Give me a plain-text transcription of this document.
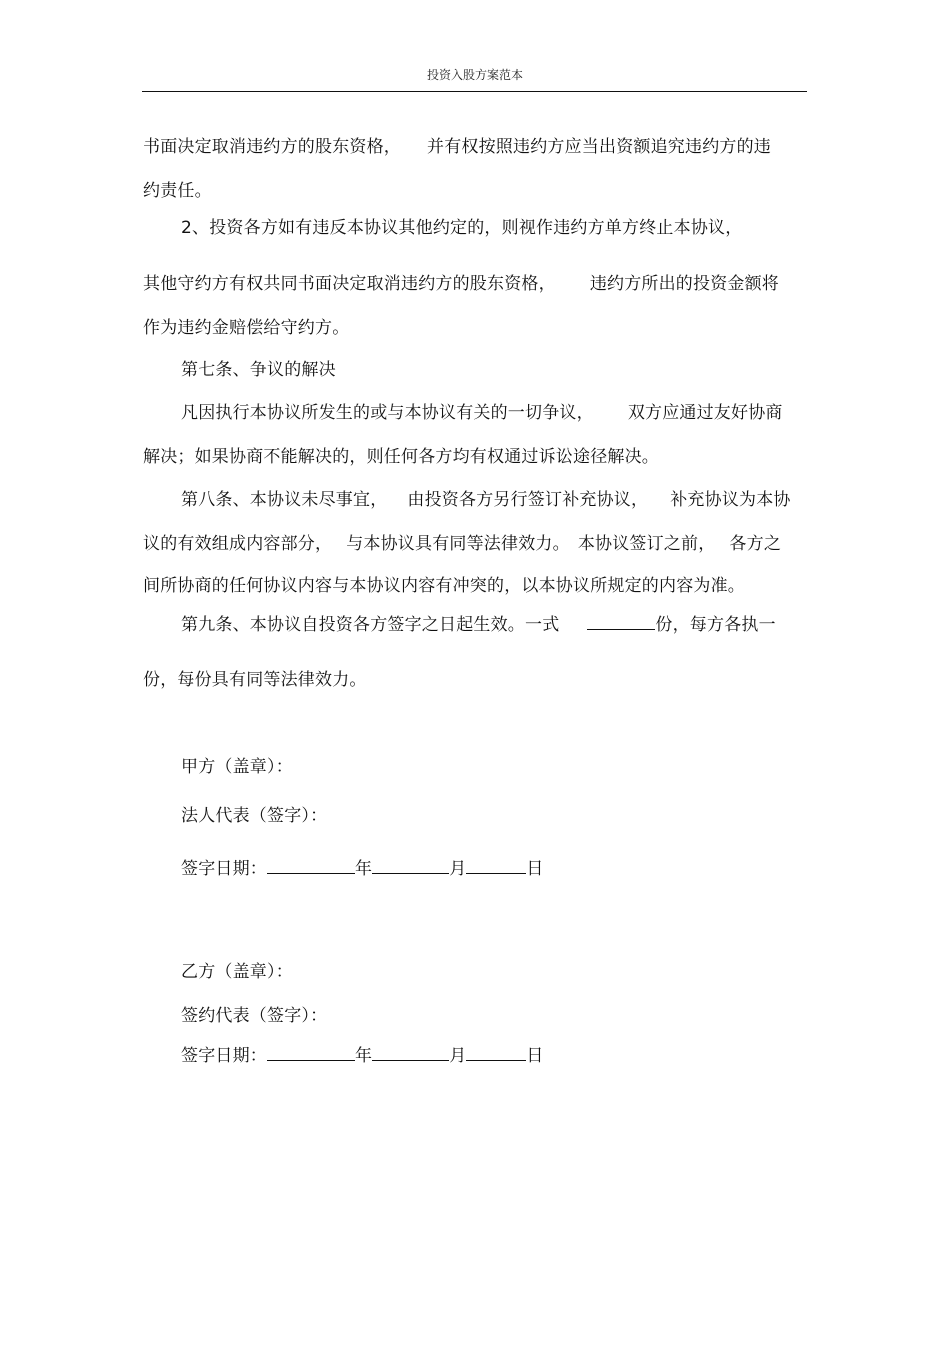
投资入股方案范本
书面决定取消违约方的股东资格， 并有权按照违约方应当出资额追究违约方的违
约责任。
2、投资各方如有违反本协议其他约定的，则视作违约方单方终止本协议，
其他守约方有权共同书面决定取消违约方的股东资格， 违约方所出的投资金额将
作为违约金赔偿给守约方。
第七条、争议的解决
凡因执行本协议所发生的或与本协议有关的一切争议， 双方应通过友好协商
解决；如果协商不能解决的，则任何各方均有权通过诉讼途径解决。
第八条、本协议未尽事宜， 由投资各方另行签订补充协议， 补充协议为本协
议的有效组成内容部分， 与本协议具有同等法律效力。 本协议签订之前， 各方之
间所协商的任何协议内容与本协议内容有冲突的，以本协议所规定的内容为准。
第九条、本协议自投资各方签字之日起生效。一式	份，每方各执一
份，每份具有同等法律效力。
甲方（盖章）：
法人代表（签字）：
签字日期：	年	月	日
乙方（盖章）：
签约代表（签字）：
签字日期：	年	月	日
